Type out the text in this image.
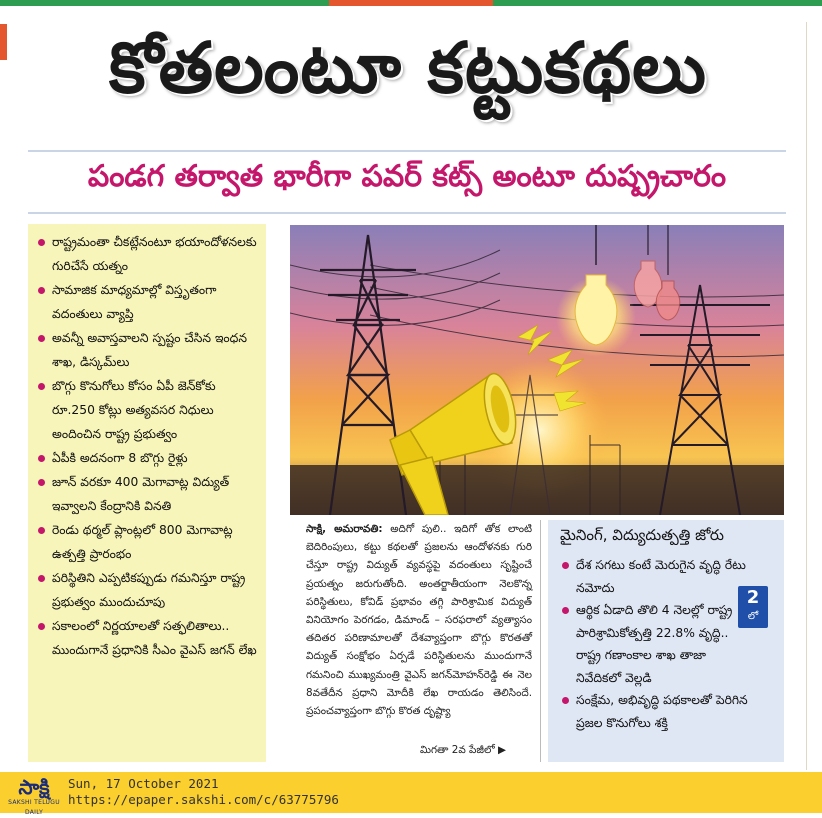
కోతలంటూ కట్టుకథలు
పండగ తర్వాత భారీగా పవర్ కట్స్ అంటూ దుష్ప్రచారం
రాష్ట్రమంతా చీకట్లేనంటూ భయాందోళనలకు గురిచేసే యత్నం
సామాజిక మాధ్యమాల్లో విస్తృతంగా వదంతులు వ్యాప్తి
అవన్నీ అవాస్తవాలని స్పష్టం చేసిన ఇంధన శాఖ, డిస్కమ్‌లు
బొగ్గు కొనుగోలు కోసం ఏపీ జెన్‌కోకు రూ.250 కోట్లు అత్యవసర నిధులు అందించిన రాష్ట్ర ప్రభుత్వం
ఏపీకి అదనంగా 8 బొగ్గు రైళ్లు
జూన్ వరకూ 400 మెగావాట్ల విద్యుత్ ఇవ్వాలని కేంద్రానికి వినతి
రెండు థర్మల్ ప్లాంట్లలో 800 మెగావాట్ల ఉత్పత్తి ప్రారంభం
పరిస్థితిని ఎప్పటికప్పుడు గమనిస్తూ రాష్ట్ర ప్రభుత్వం ముందుచూపు
సకాలంలో నిర్ణయాలతో సత్ఫలితాలు.. ముందుగానే ప్రధానికి సీఎం వైఎస్ జగన్ లేఖ
సాక్షి, అమరావతి: అదిగో పులి.. ఇదిగో తోక లాంటి బెదిరింపులు, కట్టు కథలతో ప్రజలను ఆందోళనకు గురి చేస్తూ రాష్ట్ర విద్యుత్ వ్యవస్థపై వదంతులు సృష్టించే ప్రయత్నం జరుగుతోంది. అంతర్జాతీయంగా నెలకొన్న పరిస్థితులు, కోవిడ్ ప్రభావం తగ్గి పారిశ్రామిక విద్యుత్ వినియోగం పెరగడం, డిమాండ్ – సరఫరాలో వ్యత్యాసం తదితర పరిణామాలతో దేశవ్యాప్తంగా బొగ్గు కొరతతో విద్యుత్ సంక్షోభం ఏర్పడే పరిస్థితులను ముందుగానే గమనించి ముఖ్యమంత్రి వైఎస్ జగన్‌మోహన్‌రెడ్డి ఈ నెల 8వతేదీన ప్రధాని మోదీకి లేఖ రాయడం తెలిసిందే. ప్రపంచవ్యాప్తంగా బొగ్గు కొరత దృష్ట్యా
మిగతా 2వ పేజీలో ▶
మైనింగ్, విద్యుదుత్పత్తి జోరు
దేశ సగటు కంటే మెరుగైన వృద్ధి రేటు నమోదు
ఆర్థిక ఏడాది తొలి 4 నెలల్లో రాష్ట్ర పారిశ్రామికోత్పత్తి 22.8% వృద్ధి.. రాష్ట్ర గణాంకాల శాఖ తాజా నివేదికలో వెల్లడి
సంక్షేమ, అభివృద్ధి పథకాలతో పెరిగిన ప్రజల కొనుగోలు శక్తి
2
లో
సాక్షి
SAKSHI TELUGU DAILY
Sun, 17 October 2021
https://epaper.sakshi.com/c/63775796
